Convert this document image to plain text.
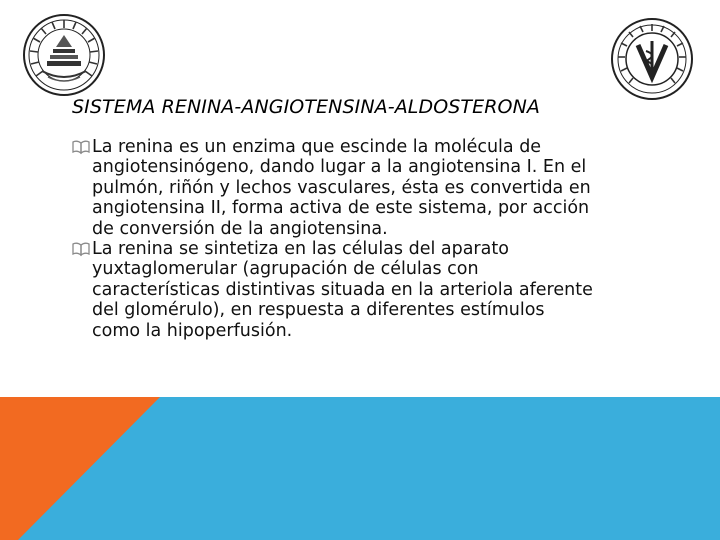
SISTEMA RENINA-ANGIOTENSINA-ALDOSTERONA
La renina es un enzima que escinde la molécula de
angiotensinógeno, dando lugar a la angiotensina I. En el
pulmón, riñón y lechos vasculares, ésta es convertida en
angiotensina II, forma activa de este sistema, por acción
de conversión de la angiotensina.
La renina se sintetiza en las células del aparato
yuxtaglomerular (agrupación de células con
características distintivas situada en la arteriola aferente
del glomérulo), en respuesta a diferentes estímulos
como la hipoperfusión.
